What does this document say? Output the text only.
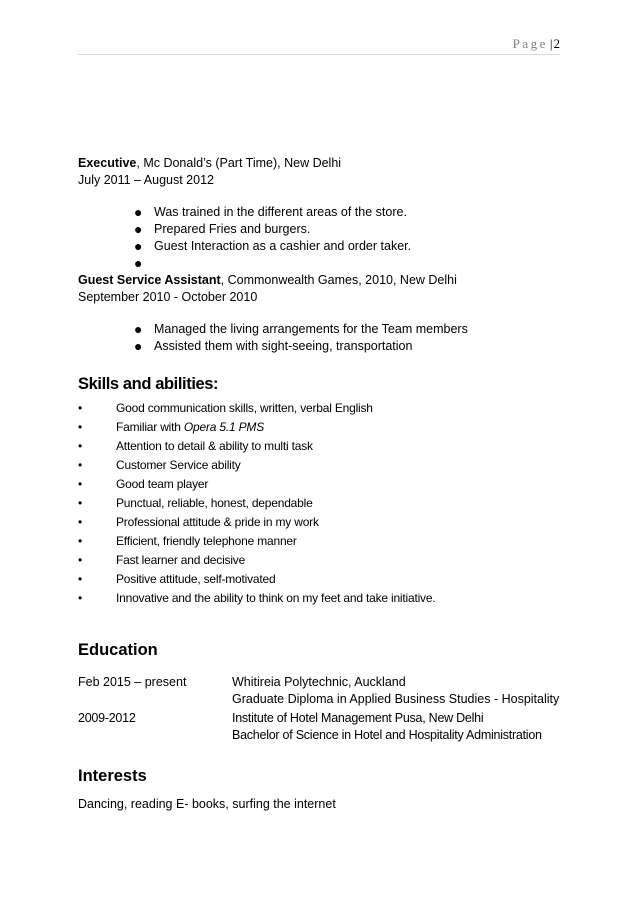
Page |2

Executive, Mc Donald’s (Part Time), New Delhi

July 2011 – August 2012

● Was trained in the different areas of the store.
● Prepared Fries and burgers.
● Guest Interaction as a cashier and order taker.
●

Guest Service Assistant, Commonwealth Games, 2010, New Delhi

September 2010 - October 2010

● Managed the living arrangements for the Team members
● Assisted them with sight-seeing, transportation
Skills and abilities:
•	Good communication skills, written, verbal English
•	Familiar with Opera 5.1 PMS
•	Attention to detail & ability to multi task
•	Customer Service ability
•	Good team player
•	Punctual, reliable, honest, dependable
•	Professional attitude & pride in my work
•	Efficient, friendly telephone manner
•	Fast learner and decisive
•	Positive attitude, self-motivated
•	Innovative and the ability to think on my feet and take initiative.
Education
Feb 2015 – present	Whitireia Polytechnic, Auckland
Graduate Diploma in Applied Business Studies - Hospitality
2009-2012	Institute of Hotel Management Pusa, New Delhi
Bachelor of Science in Hotel and Hospitality Administration
Interests

Dancing, reading E- books, surfing the internet
